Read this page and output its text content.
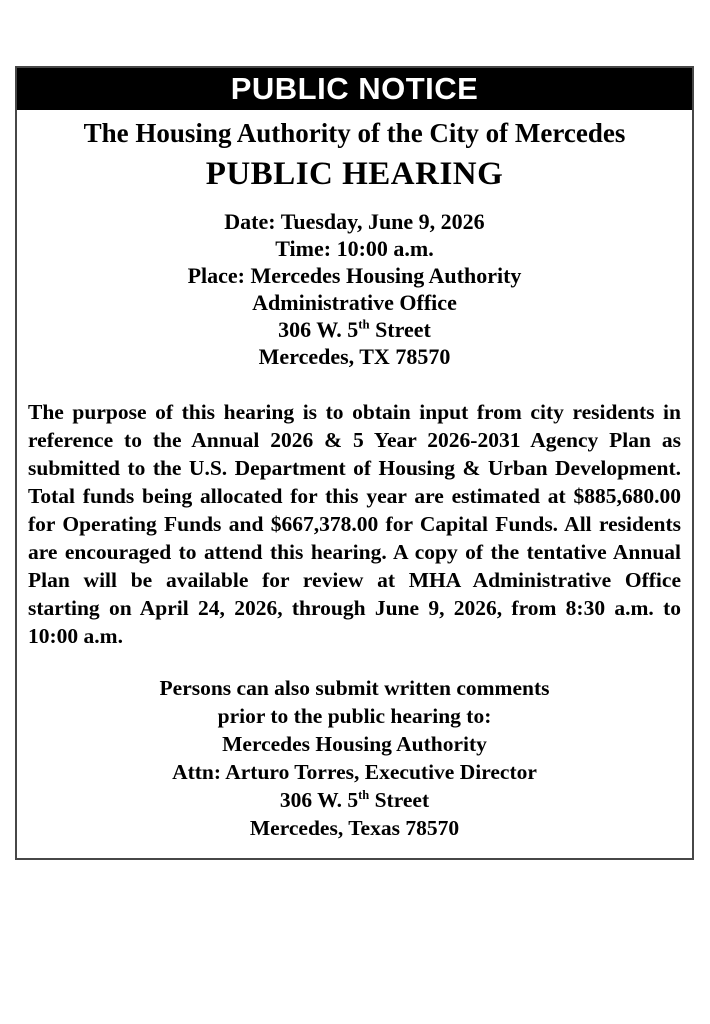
PUBLIC NOTICE
The Housing Authority of the City of Mercedes
PUBLIC HEARING
Date: Tuesday, June 9, 2026
Time: 10:00 a.m.
Place: Mercedes Housing Authority
Administrative Office
306 W. 5th Street
Mercedes, TX 78570
The purpose of this hearing is to obtain input from city residents in reference to the Annual 2026 & 5 Year 2026-2031 Agency Plan as submitted to the U.S. Department of Housing & Urban Development. Total funds being allocated for this year are estimated at $885,680.00 for Operating Funds and $667,378.00 for Capital Funds. All residents are encouraged to attend this hearing. A copy of the tentative Annual Plan will be available for review at MHA Administrative Office starting on April 24, 2026, through June 9, 2026, from 8:30 a.m. to 10:00 a.m.
Persons can also submit written comments
prior to the public hearing to:
Mercedes Housing Authority
Attn: Arturo Torres, Executive Director
306 W. 5th Street
Mercedes, Texas 78570
